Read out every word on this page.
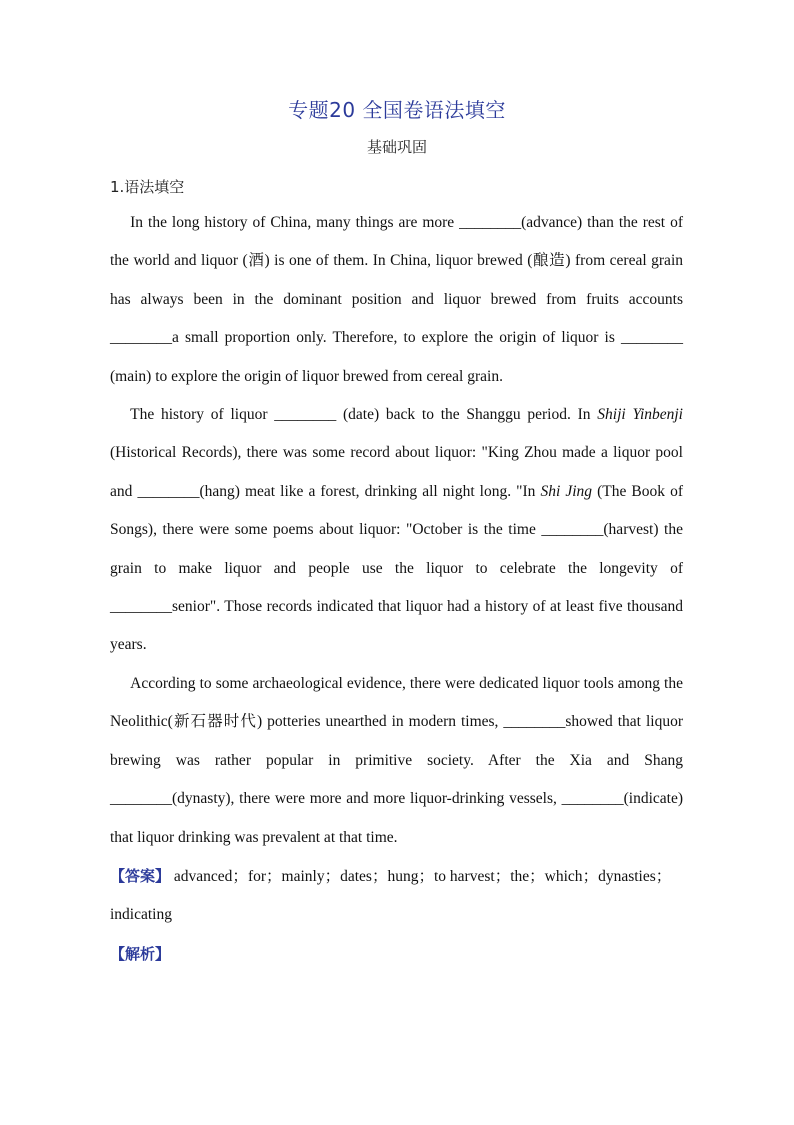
专题20 全国卷语法填空
基础巩固
1.语法填空

In the long history of China, many things are more ________(advance) than the rest of the world and liquor (酒) is one of them. In China, liquor brewed (酿造) from cereal grain has always been in the dominant position and liquor brewed from fruits accounts ________a small proportion only. Therefore, to explore the origin of liquor is ________ (main) to explore the origin of liquor brewed from cereal grain.

The history of liquor ________ (date) back to the Shanggu period. In Shiji Yinbenji (Historical Records), there was some record about liquor: "King Zhou made a liquor pool and ________(hang) meat like a forest, drinking all night long. "In Shi Jing (The Book of Songs), there were some poems about liquor: "October is the time ________(harvest) the grain to make liquor and people use the liquor to celebrate the longevity of ________senior". Those records indicated that liquor had a history of at least five thousand years.

According to some archaeological evidence, there were dedicated liquor tools among the Neolithic(新石器时代) potteries unearthed in modern times, ________showed that liquor brewing was rather popular in primitive society. After the Xia and Shang ________(dynasty), there were more and more liquor-drinking vessels, ________(indicate) that liquor drinking was prevalent at that time.

【答案】 advanced；for；mainly；dates；hung；to harvest；the；which；dynasties；indicating

【解析】
